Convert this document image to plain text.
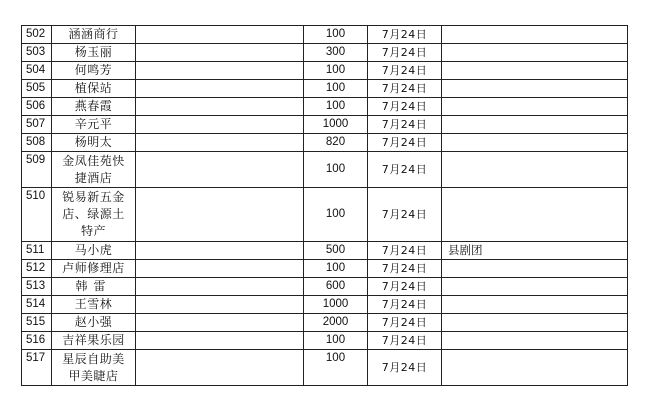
502	涵涵商行		100	7月24日	
503	杨玉丽		300	7月24日	
504	何鸣芳		100	7月24日	
505	植保站		100	7月24日	
506	燕春霞		100	7月24日	
507	辛元平		1000	7月24日	
508	杨明太		820	7月24日	
509	金凤佳苑快捷酒店		100	7月24日	
510	锐易新五金店、绿源土特产		100	7月24日	
511	马小虎		500	7月24日	县剧团
512	卢师修理店		100	7月24日	
513	韩雷		600	7月24日	
514	王雪林		1000	7月24日	
515	赵小强		2000	7月24日	
516	吉祥果乐园		100	7月24日	
517	星辰自助美甲美睫店		100	7月24日	
